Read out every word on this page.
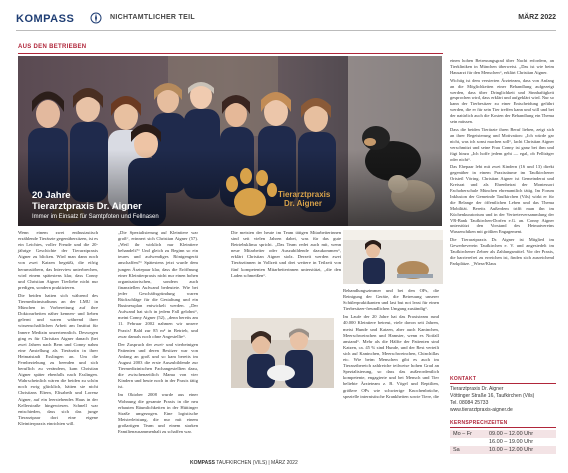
KOMPASS	NICHTAMTLICHER TEIL	MÄRZ 2022
AUS DEN BETRIEBEN
20 Jahre
Tierarztpraxis Dr. Aigner
Immer im Einsatz für Samtpfoten und Fellnasen
Tierarztpraxis
Dr. Aigner

Wenn einem zwei enthusiastisch erzählende Tierärzte gegenübersitzen, ist es ein Leichtes, voller Freude und die 20-jährige Geschichte der Tierarztpraxis Aigner zu blicken. Wird man dann noch von zwei Katzen begrüßt, die eifrig herumstöbern, das Interview unterbrechen, wird einem spätestens klar, dass Conny und Christian Aigner Tierliebe nicht nur predigen, sondern praktizieren.

Die beiden hatten sich während des Tiermedizinstudiums an der LMU in München in Vorbereitung auf ihre Doktorarbeiten näher kennen- und lieben gelernt und waren während ihrer wissenschaftlichen Arbeit am Institut für Innere Medizin unzertrennlich. Deswegen ging es für Christian Aigner danach (bei zwei Jahren nach Bern und Conny nahm eine Anstellung als Tierärztin in ihrer Heimatstadt Esslingen an. Um die Fernbeziehung zu beenden und sich beruflich zu verändern, kam Christian Aigner später ebenfalls nach Esslingen. Wahrscheinlich wären die beiden zu schön noch ewig glücklich, hätten sie nicht Christians Eltern, Elisabeth und Lorenz Aigner, auf ein leerstehendes Haus in der Kellerstraße hingewiesen. Schnell war entschieden, dass sich das junge Tierarztpaar dort eine eigene Kleintierpraxis einrichten will.

„Die Spezialisierung auf Kleintiere war groß“, erinnert sich Christian Aigner (57). „Weil ihr wirklich nur Kleintiere behandelt?“ Und gleich zu Beginn so ein teures und aufwendiges Röntgengerät anschaffen?“ Spätestens jetzt wurde dem jungen Ärztepaar klar, dass die Eröffnung einer Kleintierpraxis nicht nur einen hohen organisatorischen, sondern auch finanziellen Aufwand bedeutete. Wie bei jeder Geschäftsgründung waren Rückschläge für die Gestaltung und ein Businessplan entwickelt werden. „Der Aufwand hat sich in jedem Fall gelohnt“, meint Conny Aigner (52), „denn bereits am 11. Februar 2002 nahmen wir unsere Praxis! Bald zur 85 m² in Betrieb, und zwar damals noch ohne Angestellte“.

Der Zuspruch der zwei- und vierbeinigen Patienten und deren Besitzer war von Anfang an groß und so kam bereits im August 2003 die erste Auszubildende zur Tiermedizinischen Fachangestellten dazu, die zwischenzeitlich Mama von vier Kindern und heute noch in der Praxis tätig ist.

Im Oktober 2008 wurde aus einer Wohnung die gesamte Praxis in die neu erbauten Räumlichkeiten in der Hüttinger Straße umgezogen. Eine logistische Meisterleistung, die nur mit einem großartigen Team und einem starken Familienzusammenhalt zu schaffen war.

Die meisten der heute im Team tätigen Mitarbeiterinnen sind seit vielen Jahren dabei, was für das gute Betriebsklima spricht. „Das Team redet auch mit, wenn neue Mitarbeiter oder Auszubildende dazukommen“, erklärt Christian Aigner stolz. Derzeit werden zwei Tierärztinnen in Vollzeit und drei weitere in Teilzeit von fünf kompetenten Mitarbeiterinnen unterstützt, „die den Laden schmeißen“.

Behandlungszimmer und bei den OPs, die Reinigung der Geräte, die Betreuung unserer Schülerpraktikanten und last but not least für einen Tierbesitzer-freundlichen Umgang zuständig“.

Im Laufe der 20 Jahre hat das Praxisteam rund 40.000 Kleintiere betreut, viele davon seit Jahren, meist Hunde und Katzen, aber auch Kaninchen, Meerschweinchen und Hamster, wenn es Notfall anstand“. Mehr als die Hälfte der Patienten sind Katzen, ca. 45 % sind Hunde, und der Rest verteilt sich auf Kaninchen, Meerschweinchen, Chinchillas etc. Wie beim Menschen gibt es auch im Tierarztbereich zahlreiche teilweise hohen Grad an Spezialisierung, so dass das außerordentlich kompetente, engagierte und bei Mensch und Tier beliebte Ärzteteam z. B. Vögel und Reptilien, größere OPs wie schwierige Knochenbrüche, spezielle internistische Krankheiten sowie Tiere, die

einen hohen Betreuungsgrad über Nacht erfordern, an Tierkliniken in München überweist. „Das ist wie beim Hausarzt für den Menschen“, erklärt Christian Aigner.

Wichtig ist dem versierten Ärzteteam, dass von Anfang an die Möglichkeiten einer Behandlung aufgezeigt werden, dass über Dringlichkeit und Sinnhaftigkeit gesprochen wird, dass erklärt und aufgeklärt wird. Nur so kann der Tierbesitzer zu einer Entscheidung geführt werden, die er für sein Tier treffen kann und will und bei der natürlich auch die Kosten der Behandlung ein Thema sein müssen.

Dass die beiden Tierärzte ihren Beruf lieben, zeigt sich an ihrer Begeisterung und Motivation: „Ich würde gar nicht, was ich sonst machen soll“, lacht Christian Aigner verschmitzt und seine Frau Conny ist ganz bei ihm und fügt hinzu „Ich hoffe jedem geht — egal, ob Fellträger oder nicht“.

Das Ehepaar lebt mit zwei Kindern (16 und 13) direkt gegenüber in einem Praxisräume im Taufkirchener Ortsteil Vöring. Christian Aigner ist Gemeinderat und Kreisrat und als Ehrenbeirat der Montessori Fachoberschule München ehrenamtlich tätig. Im Forum Inklusion der Gemeinde Taufkirchen (Vils) wirkt er für die Belange der öffentlichen Leben und das Thema Mobilität. Bereits Außerdem trifft man ihn im Küchenkuratorium und in der Vertreterversammlung der VR-Bank Taufkirchen-Dorfen e.G. an. Conny Aigner unterstützt den Vorstand des Heimatvereins Wassenchiken mit größten Engagement.

Die Tierarztpraxis Dr. Aigner ist Mitglied im Gewerbeverein Taufkirchen e. V. und angesiedelt im Taufkirchener Zebrer als Zahlungsmittel. Vor der Praxis, die barrierefrei zu erreichen ist, finden sich ausreichend Parkplätze. _Wiese/Klaus

KONTAKT
Tierarztpraxis Dr. Aigner
Vöttinger Straße 16, Taufkirchen (Vils)
Tel. 08084 25733
www.tierarztpraxis-aigner.de
KERNSPRECHZEITEN
Mo – Fr	09.00 – 12.00 Uhr
16.00 – 19.00 Uhr
Sa	10.00 – 12.00 Uhr
KOMPASS TAUFKIRCHEN (VILS) | MÄRZ 2022
